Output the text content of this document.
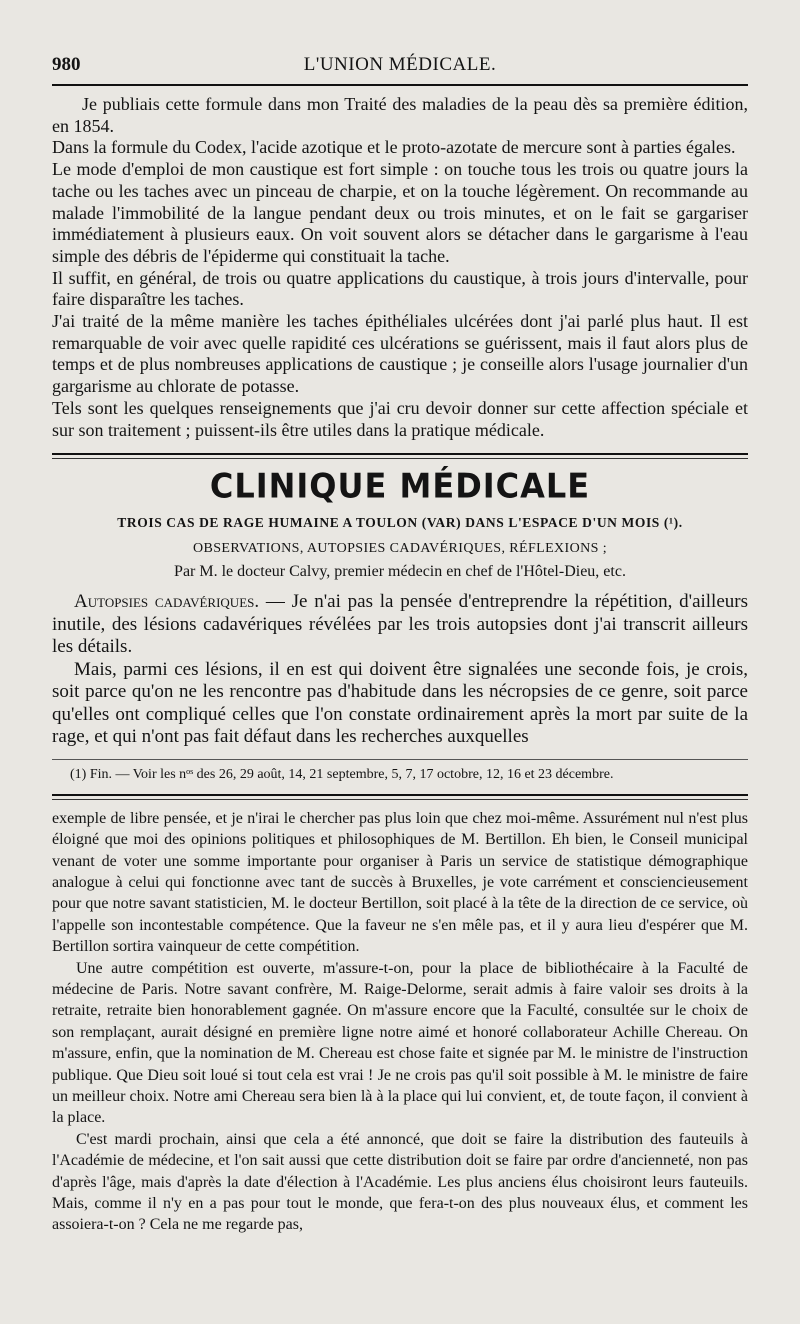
980	L'UNION MÉDICALE.

Je publiais cette formule dans mon Traité des maladies de la peau dès sa première édition, en 1854.

Dans la formule du Codex, l'acide azotique et le proto-azotate de mercure sont à parties égales.

Le mode d'emploi de mon caustique est fort simple : on touche tous les trois ou quatre jours la tache ou les taches avec un pinceau de charpie, et on la touche légèrement. On recommande au malade l'immobilité de la langue pendant deux ou trois minutes, et on le fait se gargariser immédiatement à plusieurs eaux. On voit souvent alors se détacher dans le gargarisme à l'eau simple des débris de l'épiderme qui constituait la tache.

Il suffit, en général, de trois ou quatre applications du caustique, à trois jours d'intervalle, pour faire disparaître les taches.

J'ai traité de la même manière les taches épithéliales ulcérées dont j'ai parlé plus haut. Il est remarquable de voir avec quelle rapidité ces ulcérations se guérissent, mais il faut alors plus de temps et de plus nombreuses applications de caustique ; je conseille alors l'usage journalier d'un gargarisme au chlorate de potasse.

Tels sont les quelques renseignements que j'ai cru devoir donner sur cette affection spéciale et sur son traitement ; puissent-ils être utiles dans la pratique médicale.

CLINIQUE MÉDICALE
TROIS CAS DE RAGE HUMAINE A TOULON (VAR) DANS L'ESPACE D'UN MOIS (¹).
OBSERVATIONS, AUTOPSIES CADAVÉRIQUES, RÉFLEXIONS ;
Par M. le docteur Calvy, premier médecin en chef de l'Hôtel-Dieu, etc.

Autopsies cadavériques. — Je n'ai pas la pensée d'entreprendre la répétition, d'ailleurs inutile, des lésions cadavériques révélées par les trois autopsies dont j'ai transcrit ailleurs les détails.

Mais, parmi ces lésions, il en est qui doivent être signalées une seconde fois, je crois, soit parce qu'on ne les rencontre pas d'habitude dans les nécropsies de ce genre, soit parce qu'elles ont compliqué celles que l'on constate ordinairement après la mort par suite de la rage, et qui n'ont pas fait défaut dans les recherches auxquelles

(1) Fin. — Voir les nᵒˢ des 26, 29 août, 14, 21 septembre, 5, 7, 17 octobre, 12, 16 et 23 décembre.

exemple de libre pensée, et je n'irai le chercher pas plus loin que chez moi-même. Assurément nul n'est plus éloigné que moi des opinions politiques et philosophiques de M. Bertillon. Eh bien, le Conseil municipal venant de voter une somme importante pour organiser à Paris un service de statistique démographique analogue à celui qui fonctionne avec tant de succès à Bruxelles, je vote carrément et consciencieusement pour que notre savant statisticien, M. le docteur Bertillon, soit placé à la tête de la direction de ce service, où l'appelle son incontestable compétence. Que la faveur ne s'en mêle pas, et il y aura lieu d'espérer que M. Bertillon sortira vainqueur de cette compétition.

Une autre compétition est ouverte, m'assure-t-on, pour la place de bibliothécaire à la Faculté de médecine de Paris. Notre savant confrère, M. Raige-Delorme, serait admis à faire valoir ses droits à la retraite, retraite bien honorablement gagnée. On m'assure encore que la Faculté, consultée sur le choix de son remplaçant, aurait désigné en première ligne notre aimé et honoré collaborateur Achille Chereau. On m'assure, enfin, que la nomination de M. Chereau est chose faite et signée par M. le ministre de l'instruction publique. Que Dieu soit loué si tout cela est vrai ! Je ne crois pas qu'il soit possible à M. le ministre de faire un meilleur choix. Notre ami Chereau sera bien là à la place qui lui convient, et, de toute façon, il convient à la place.

C'est mardi prochain, ainsi que cela a été annoncé, que doit se faire la distribution des fauteuils à l'Académie de médecine, et l'on sait aussi que cette distribution doit se faire par ordre d'ancienneté, non pas d'après l'âge, mais d'après la date d'élection à l'Académie. Les plus anciens élus choisiront leurs fauteuils. Mais, comme il n'y en a pas pour tout le monde, que fera-t-on des plus nouveaux élus, et comment les assoiera-t-on ? Cela ne me regarde pas,
